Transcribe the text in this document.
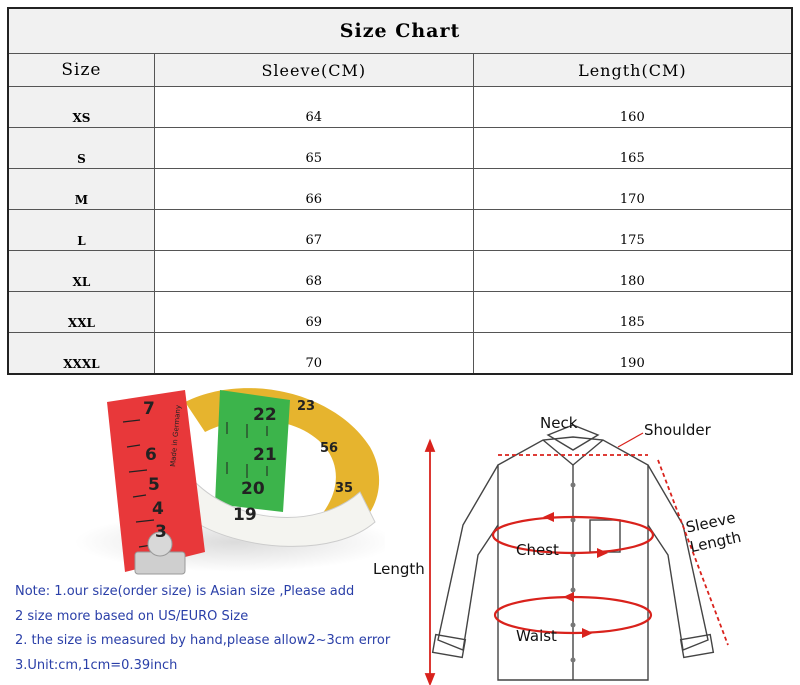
Size Chart		
Size	Sleeve(CM)	Length(CM)
XS	64	160
S	65	165
M	66	170
L	67	175
XL	68	180
XXL	69	185
XXXL	70	190
7
6
5
4
3
22
21
20
19
23
56
35
Made in Germany
Note: 1.our size(order size) is Asian size ,Please add
2 size more based on US/EURO Size
2. the size is measured by hand,please allow2~3cm error
3.Unit:cm,1cm=0.39inch
Neck	Shoulder
Sleeve
Length
Chest
Length
Waist
